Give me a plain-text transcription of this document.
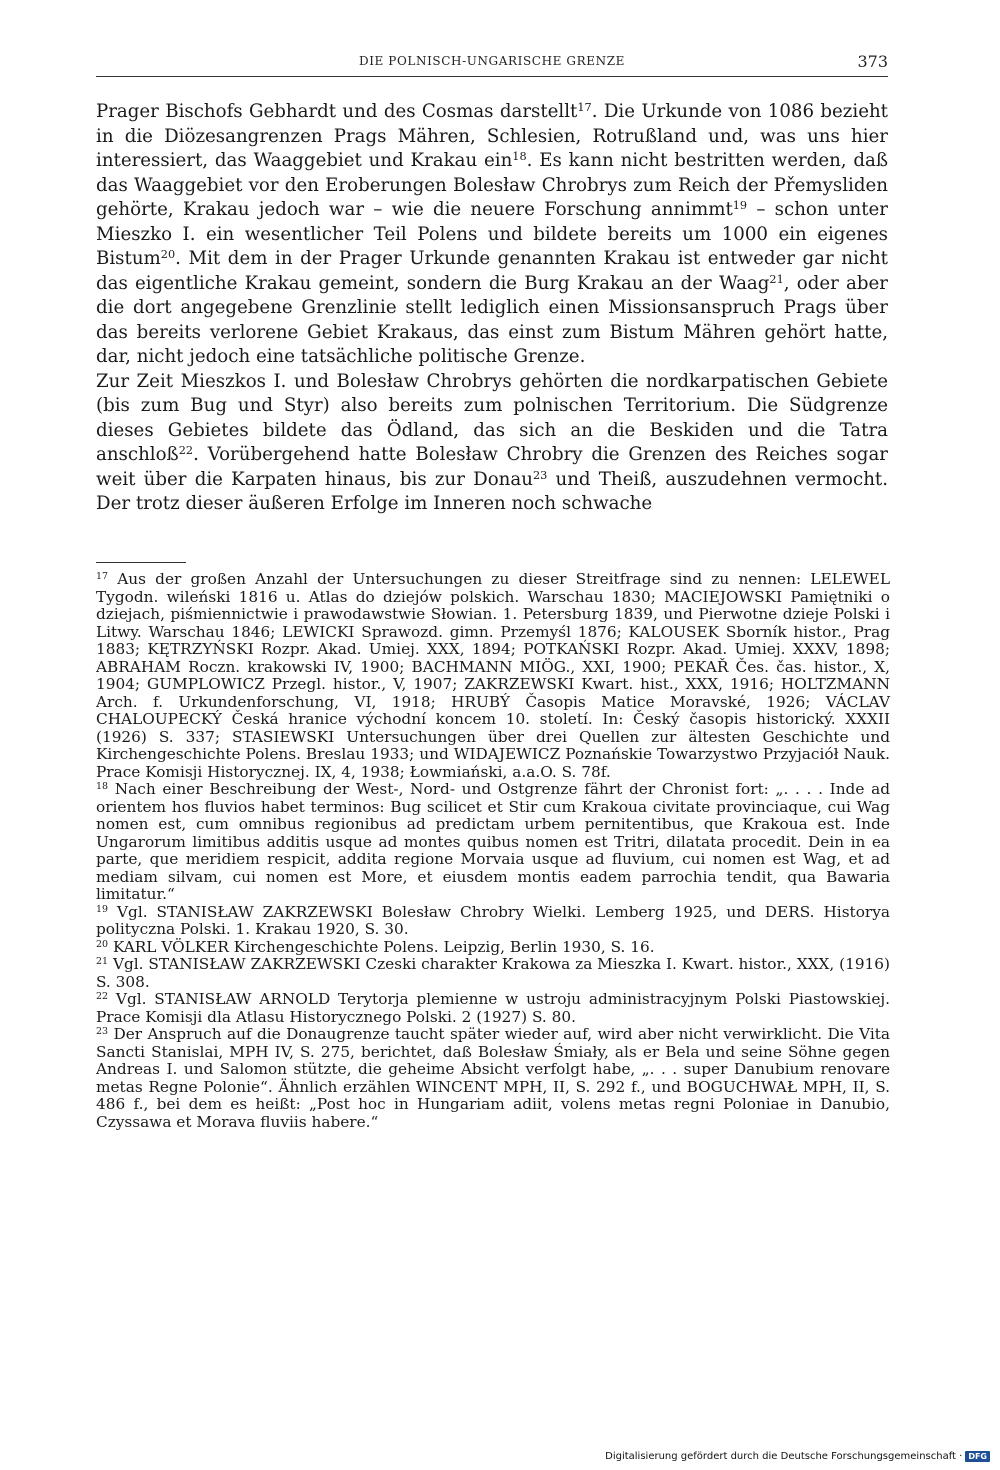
DIE POLNISCH-UNGARISCHE GRENZE	373

Prager Bischofs Gebhardt und des Cosmas darstellt$^{17}$. Die Urkunde von 1086 bezieht in die Diözesangrenzen Prags Mähren, Schlesien, Rotrußland und, was uns hier interessiert, das Waaggebiet und Krakau ein$^{18}$. Es kann nicht bestritten werden, daß das Waaggebiet vor den Eroberungen Bolesław Chrobrys zum Reich der Přemysliden gehörte, Krakau jedoch war – wie die neuere Forschung annimmt$^{19}$ – schon unter Mieszko I. ein wesentlicher Teil Polens und bildete bereits um 1000 ein eigenes Bistum$^{20}$. Mit dem in der Prager Urkunde genannten Krakau ist entweder gar nicht das eigentliche Krakau gemeint, sondern die Burg Krakau an der Waag$^{21}$, oder aber die dort angegebene Grenzlinie stellt lediglich einen Missionsanspruch Prags über das bereits verlorene Gebiet Krakaus, das einst zum Bistum Mähren gehört hatte, dar, nicht jedoch eine tatsächliche politische Grenze.

Zur Zeit Mieszkos I. und Bolesław Chrobrys gehörten die nordkarpatischen Gebiete (bis zum Bug und Styr) also bereits zum polnischen Territorium. Die Südgrenze dieses Gebietes bildete das Ödland, das sich an die Beskiden und die Tatra anschloß$^{22}$. Vorübergehend hatte Bolesław Chrobry die Grenzen des Reiches sogar weit über die Karpaten hinaus, bis zur Donau$^{23}$ und Theiß, auszudehnen vermocht. Der trotz dieser äußeren Erfolge im Inneren noch schwache

$^{17}$ Aus der großen Anzahl der Untersuchungen zu dieser Streitfrage sind zu nennen: LELEWEL Tygodn. wileński 1816 u. Atlas do dziejów polskich. Warschau 1830; MACIEJOWSKI Pamiętniki o dziejach, piśmiennictwie i prawodawstwie Słowian. 1. Petersburg 1839, und Pierwotne dzieje Polski i Litwy. Warschau 1846; LEWICKI Sprawozd. gimn. Przemyśl 1876; KALOUSEK Sborník histor., Prag 1883; KĘTRZYŃSKI Rozpr. Akad. Umiej. XXX, 1894; POTKAŃSKI Rozpr. Akad. Umiej. XXXV, 1898; ABRAHAM Roczn. krakowski IV, 1900; BACHMANN MIÖG., XXI, 1900; PEKAŘ Čes. čas. histor., X, 1904; GUMPLOWICZ Przegl. histor., V, 1907; ZAKRZEWSKI Kwart. hist., XXX, 1916; HOLTZMANN Arch. f. Urkundenforschung, VI, 1918; HRUBÝ Časopis Matice Moravské, 1926; VÁCLAV CHALOUPECKÝ Česká hranice východní koncem 10. století. In: Český časopis historický. XXXII (1926) S. 337; STASIEWSKI Untersuchungen über drei Quellen zur ältesten Geschichte und Kirchengeschichte Polens. Breslau 1933; und WIDAJEWICZ Poznańskie Towarzystwo Przyjaciół Nauk. Prace Komisji Historycznej. IX, 4, 1938; Łowmiański, a.a.O. S. 78f.

$^{18}$ Nach einer Beschreibung der West-, Nord- und Ostgrenze fährt der Chronist fort: „. . . . Inde ad orientem hos fluvios habet terminos: Bug scilicet et Stir cum Krakoua civitate provinciaque, cui Wag nomen est, cum omnibus regionibus ad predictam urbem pernitentibus, que Krakoua est. Inde Ungarorum limitibus additis usque ad montes quibus nomen est Tritri, dilatata procedit. Dein in ea parte, que meridiem respicit, addita regione Morvaia usque ad fluvium, cui nomen est Wag, et ad mediam silvam, cui nomen est More, et eiusdem montis eadem parrochia tendit, qua Bawaria limitatur.“

$^{19}$ Vgl. STANISŁAW ZAKRZEWSKI Bolesław Chrobry Wielki. Lemberg 1925, und DERS. Historya polityczna Polski. 1. Krakau 1920, S. 30.

$^{20}$ KARL VÖLKER Kirchengeschichte Polens. Leipzig, Berlin 1930, S. 16.

$^{21}$ Vgl. STANISŁAW ZAKRZEWSKI Czeski charakter Krakowa za Mieszka I. Kwart. histor., XXX, (1916) S. 308.

$^{22}$ Vgl. STANISŁAW ARNOLD Terytorja plemienne w ustroju administracyjnym Polski Piastowskiej. Prace Komisji dla Atlasu Historycznego Polski. 2 (1927) S. 80.

$^{23}$ Der Anspruch auf die Donaugrenze taucht später wieder auf, wird aber nicht verwirklicht. Die Vita Sancti Stanislai, MPH IV, S. 275, berichtet, daß Bolesław Śmiały, als er Bela und seine Söhne gegen Andreas I. und Salomon stützte, die geheime Absicht verfolgt habe, „. . . super Danubium renovare metas Regne Polonie“. Ähnlich erzählen WINCENT MPH, II, S. 292 f., und BOGUCHWAŁ MPH, II, S. 486 f., bei dem es heißt: „Post hoc in Hungariam adiit, volens metas regni Poloniae in Danubio, Czyssawa et Morava fluviis habere.“

Digitalisierung gefördert durch die Deutsche Forschungsgemeinschaft · DFG
